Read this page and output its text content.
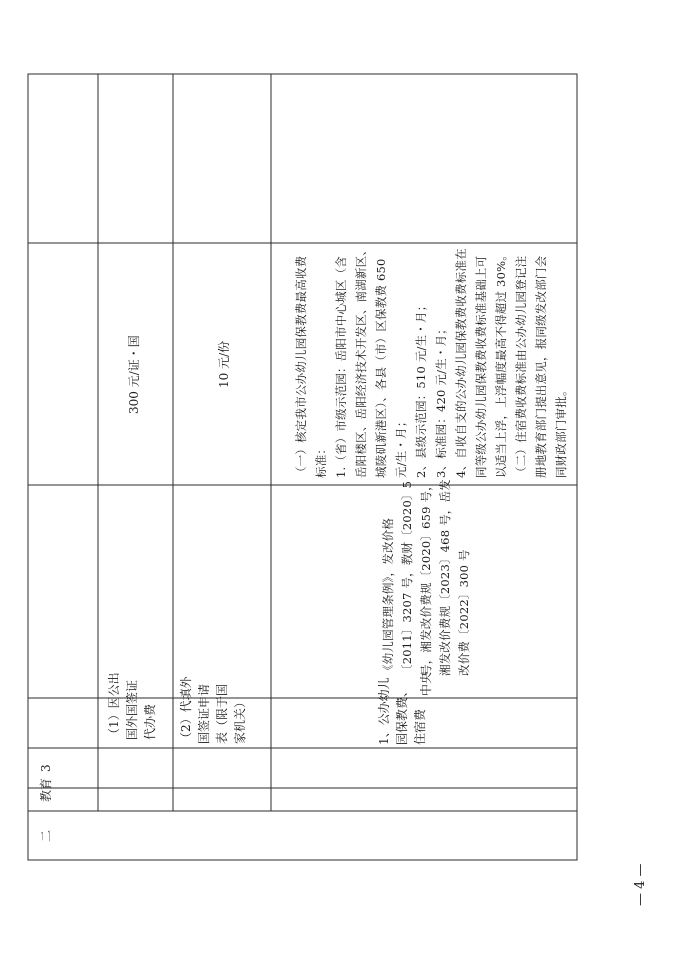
二
教育
3
（1）因公出 国外国签证 代办费
300 元/证・国
（2）代填外 国签证申请 表（限于国 家机关）
10 元/份
1、公办幼儿 园保教费、 住宿费
中央
《幼儿园管理条例》，发改价格 〔2011〕3207 号，教财〔2020〕5 号，湘发改价费规〔2020〕659 号， 湘发改价费规〔2023〕468 号，岳发 改价费〔2022〕300 号
（一）核定我市公办幼儿园保教费最高收费 标准： 1.（省）市级示范园：岳阳市中心城区（含 岳阳楼区、岳阳经济技术开发区、南湖新区、 城陵矶新港区）、各县（市）区保教费 650 元/生・月； 2、县级示范园：510 元/生・月； 3、标准园：420 元/生・月； 4、自收自支的公办幼儿园保教费收费标准在 同等级公办幼儿园保教费收费标准基础上可 以适当上浮，上浮幅度最高不得超过 30%。 （二）住宿费收费标准由公办幼儿园登记注 册地教育部门提出意见，报同级发改部门会 同财政部门审批。
— 4 —
